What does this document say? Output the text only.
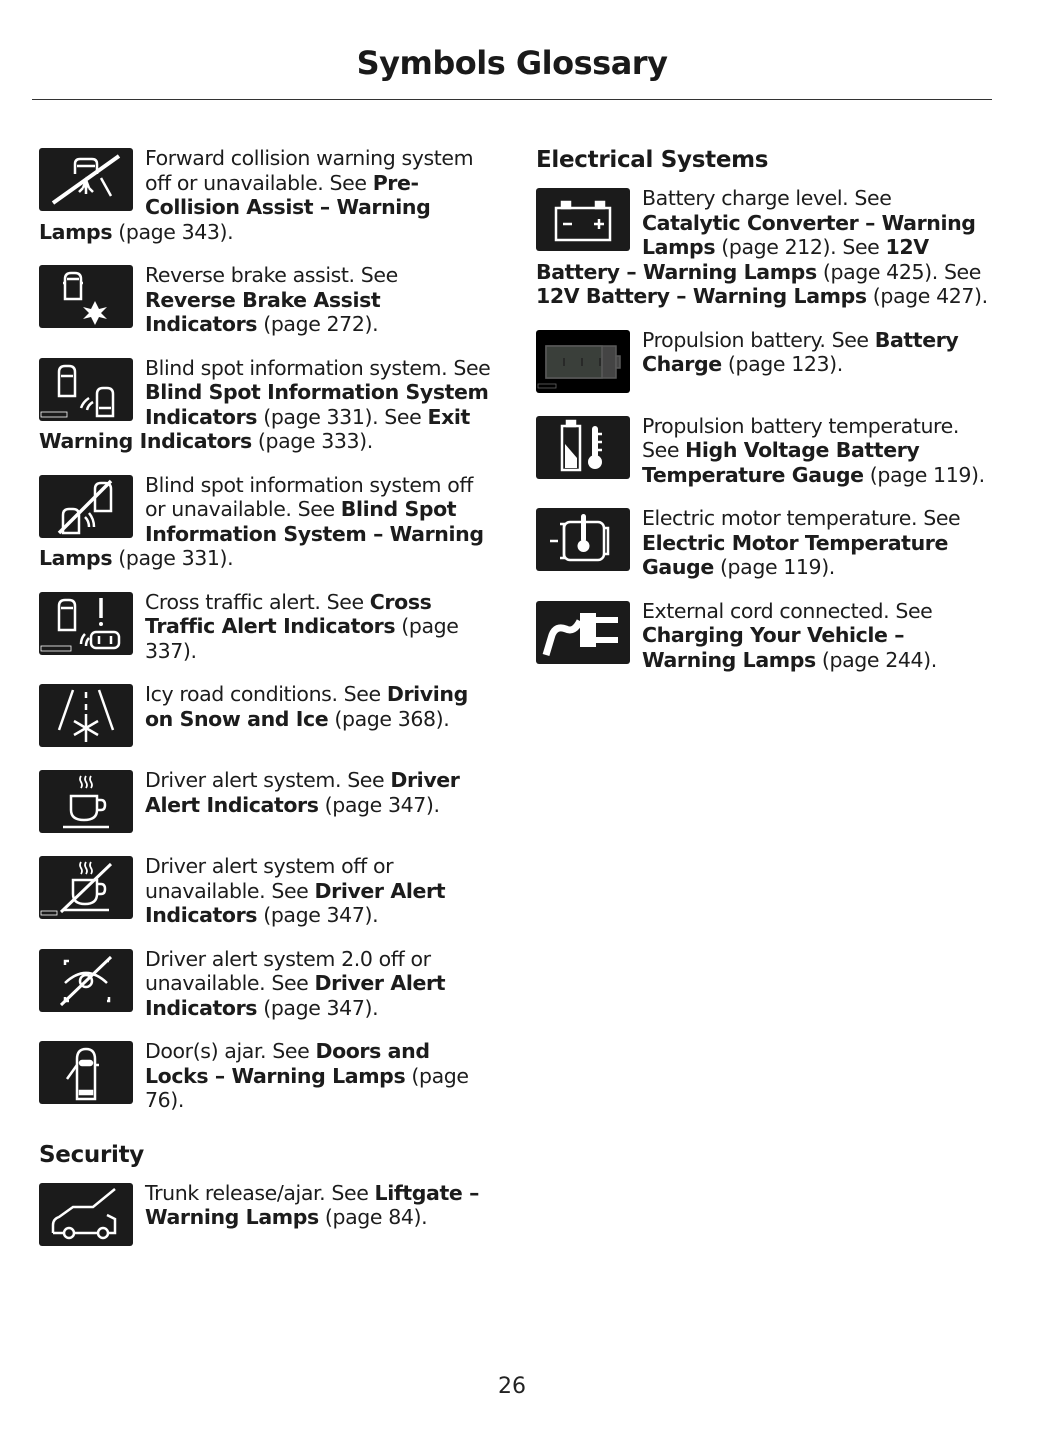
Symbols Glossary
Forward collision warning system off or unavailable. See Pre-Collision Assist – Warning Lamps (page 343).
Reverse brake assist. See Reverse Brake Assist Indicators (page 272).
Blind spot information system. See Blind Spot Information System Indicators (page 331). See Exit Warning Indicators (page 333).
Blind spot information system off or unavailable. See Blind Spot Information System – Warning Lamps (page 331).
Cross traffic alert. See Cross Traffic Alert Indicators (page 337).
Icy road conditions. See Driving on Snow and Ice (page 368).
Driver alert system. See Driver Alert Indicators (page 347).
Driver alert system off or unavailable. See Driver Alert Indicators (page 347).
Driver alert system 2.0 off or unavailable. See Driver Alert Indicators (page 347).
Door(s) ajar. See Doors and Locks – Warning Lamps (page 76).
Security
Trunk release/ajar. See Liftgate – Warning Lamps (page 84).
Electrical Systems
Battery charge level. See Catalytic Converter – Warning Lamps (page 212). See 12V Battery – Warning Lamps (page 425). See 12V Battery – Warning Lamps (page 427).
Propulsion battery. See Battery Charge (page 123).
Propulsion battery temperature. See High Voltage Battery Temperature Gauge (page 119).
Electric motor temperature. See Electric Motor Temperature Gauge (page 119).
External cord connected. See Charging Your Vehicle – Warning Lamps (page 244).
26
